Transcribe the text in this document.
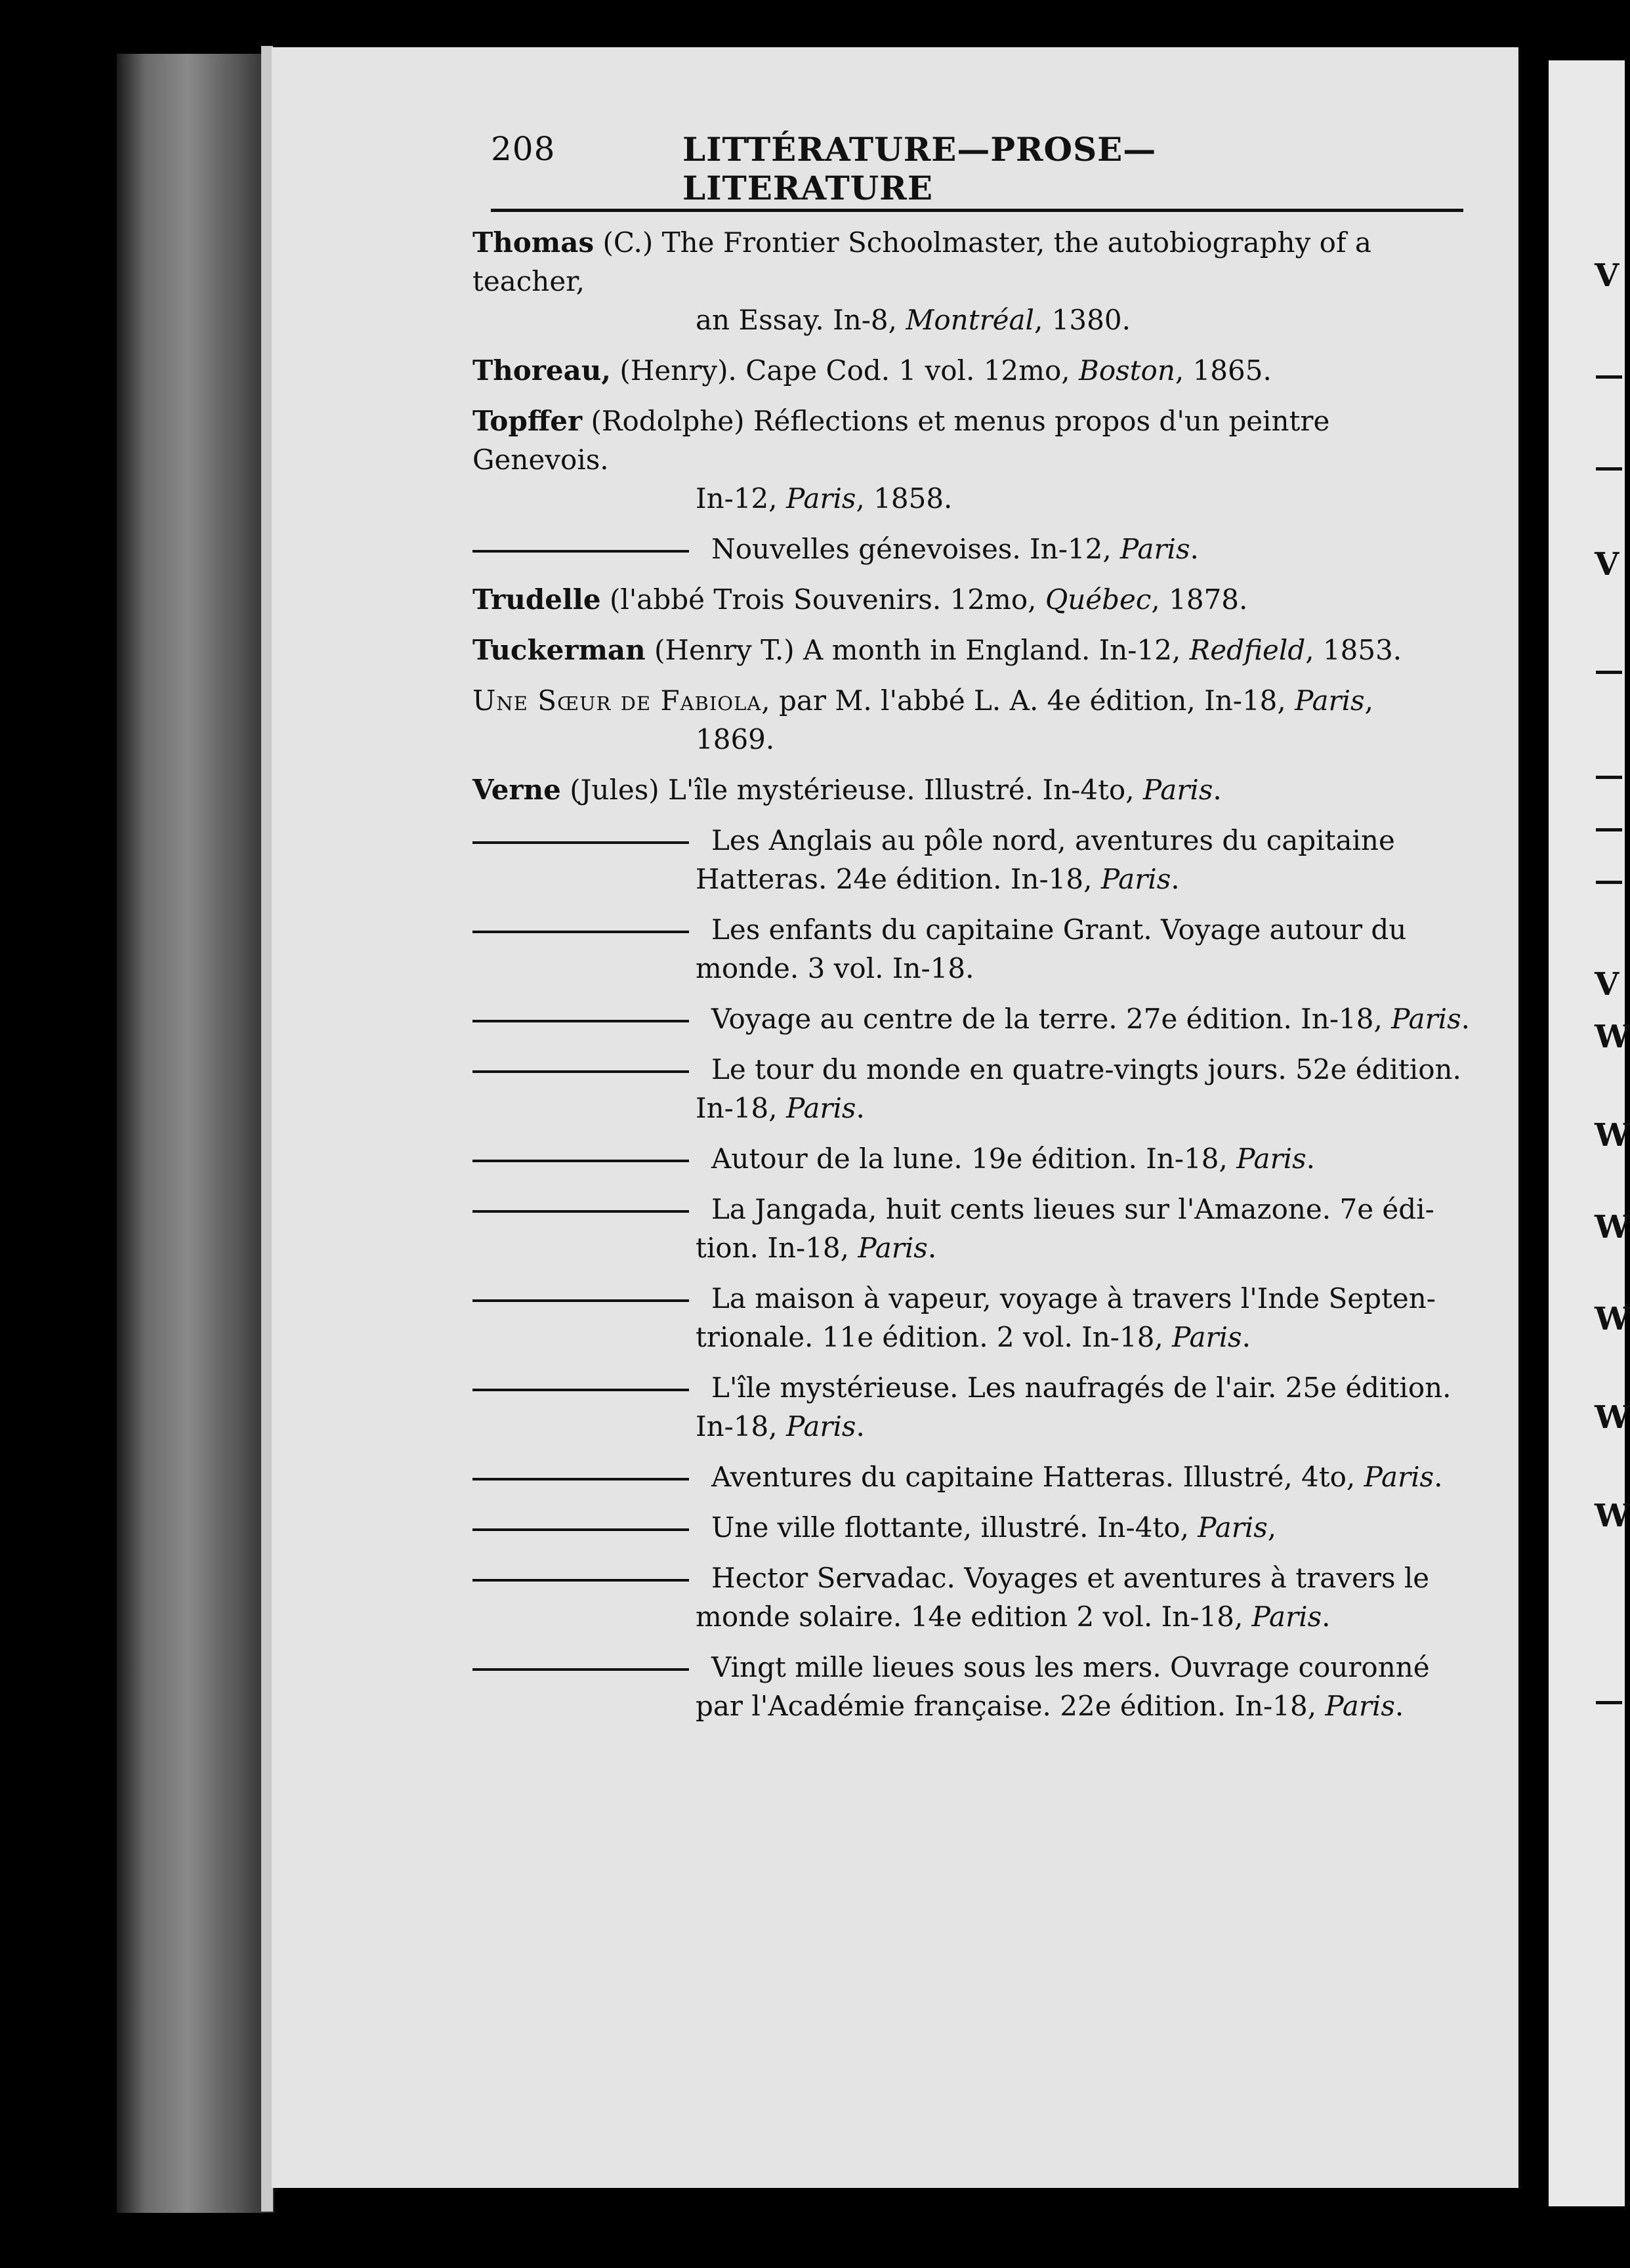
V
V
V
W
W
W
W
W
W
208	LITTÉRATURE—PROSE—LITERATURE
Thomas (C.) The Frontier Schoolmaster, the autobiography of a teacher,
an Essay. In-8, Montréal, 1380.
Thoreau, (Henry). Cape Cod. 1 vol. 12mo, Boston, 1865.
Topffer (Rodolphe) Réflections et menus propos d'un peintre Genevois.
In-12, Paris, 1858.
Nouvelles génevoises. In-12, Paris.
Trudelle (l'abbé Trois Souvenirs. 12mo, Québec, 1878.
Tuckerman (Henry T.) A month in England. In-12, Redfield, 1853.
Une Sœur de Fabiola, par M. l'abbé L. A. 4e édition, In-18, Paris,
1869.
Verne (Jules) L'île mystérieuse. Illustré. In-4to, Paris.
Les Anglais au pôle nord, aventures du capitaine
Hatteras. 24e édition. In-18, Paris.
Les enfants du capitaine Grant. Voyage autour du
monde. 3 vol. In-18.
Voyage au centre de la terre. 27e édition. In-18, Paris.
Le tour du monde en quatre-vingts jours. 52e édition.
In-18, Paris.
Autour de la lune. 19e édition. In-18, Paris.
La Jangada, huit cents lieues sur l'Amazone. 7e édi-
tion. In-18, Paris.
La maison à vapeur, voyage à travers l'Inde Septen-
trionale. 11e édition. 2 vol. In-18, Paris.
L'île mystérieuse. Les naufragés de l'air. 25e édition.
In-18, Paris.
Aventures du capitaine Hatteras. Illustré, 4to, Paris.
Une ville flottante, illustré. In-4to, Paris,
Hector Servadac. Voyages et aventures à travers le
monde solaire. 14e edition 2 vol. In-18, Paris.
Vingt mille lieues sous les mers. Ouvrage couronné
par l'Académie française. 22e édition. In-18, Paris.
